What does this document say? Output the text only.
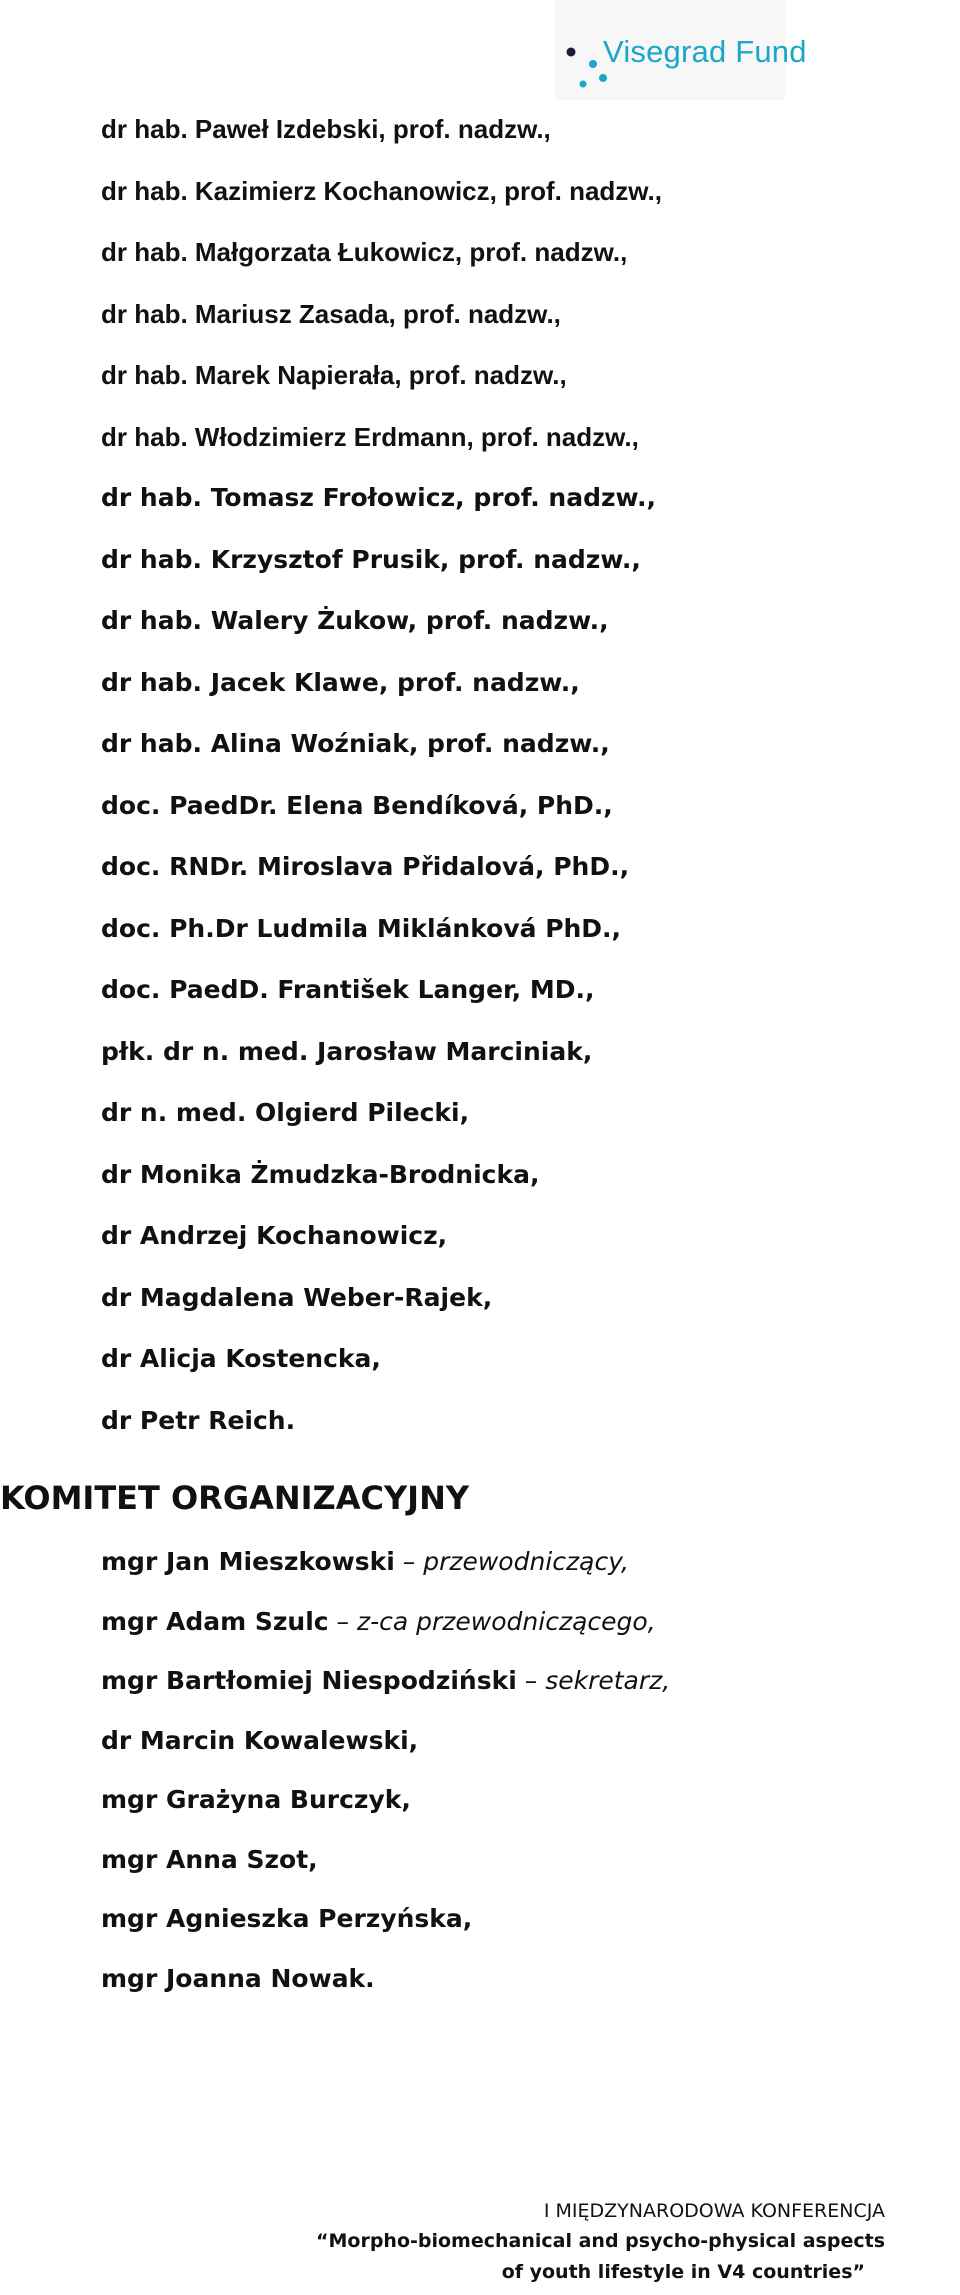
Visegrad Fund
dr hab. Paweł Izdebski, prof. nadzw.,
dr hab. Kazimierz Kochanowicz, prof. nadzw.,
dr hab. Małgorzata Łukowicz, prof. nadzw.,
dr hab. Mariusz Zasada, prof. nadzw.,
dr hab. Marek Napierała, prof. nadzw.,
dr hab. Włodzimierz Erdmann, prof. nadzw.,
dr hab. Tomasz Frołowicz, prof. nadzw.,
dr hab. Krzysztof Prusik, prof. nadzw.,
dr hab. Walery Żukow, prof. nadzw.,
dr hab. Jacek Klawe, prof. nadzw.,
dr hab. Alina Woźniak, prof. nadzw.,
doc. PaedDr. Elena Bendíková, PhD.,
doc. RNDr. Miroslava Přidalová, PhD.,
doc. Ph.Dr Ludmila Miklánková PhD.,
doc. PaedD. František Langer, MD.,
płk. dr n. med. Jarosław Marciniak,
dr n. med. Olgierd Pilecki,
dr Monika Żmudzka-Brodnicka,
dr Andrzej Kochanowicz,
dr Magdalena Weber-Rajek,
dr Alicja Kostencka,
dr Petr Reich.
KOMITET ORGANIZACYJNY
mgr Jan Mieszkowski – przewodniczący,
mgr Adam Szulc – z-ca przewodniczącego,
mgr Bartłomiej Niespodziński – sekretarz,
dr Marcin Kowalewski,
mgr Grażyna Burczyk,
mgr Anna Szot,
mgr Agnieszka Perzyńska,
mgr Joanna Nowak.
I MIĘDZYNARODOWA KONFERENCJA
“Morpho-biomechanical and psycho-physical aspects
of youth lifestyle in V4 countries”
